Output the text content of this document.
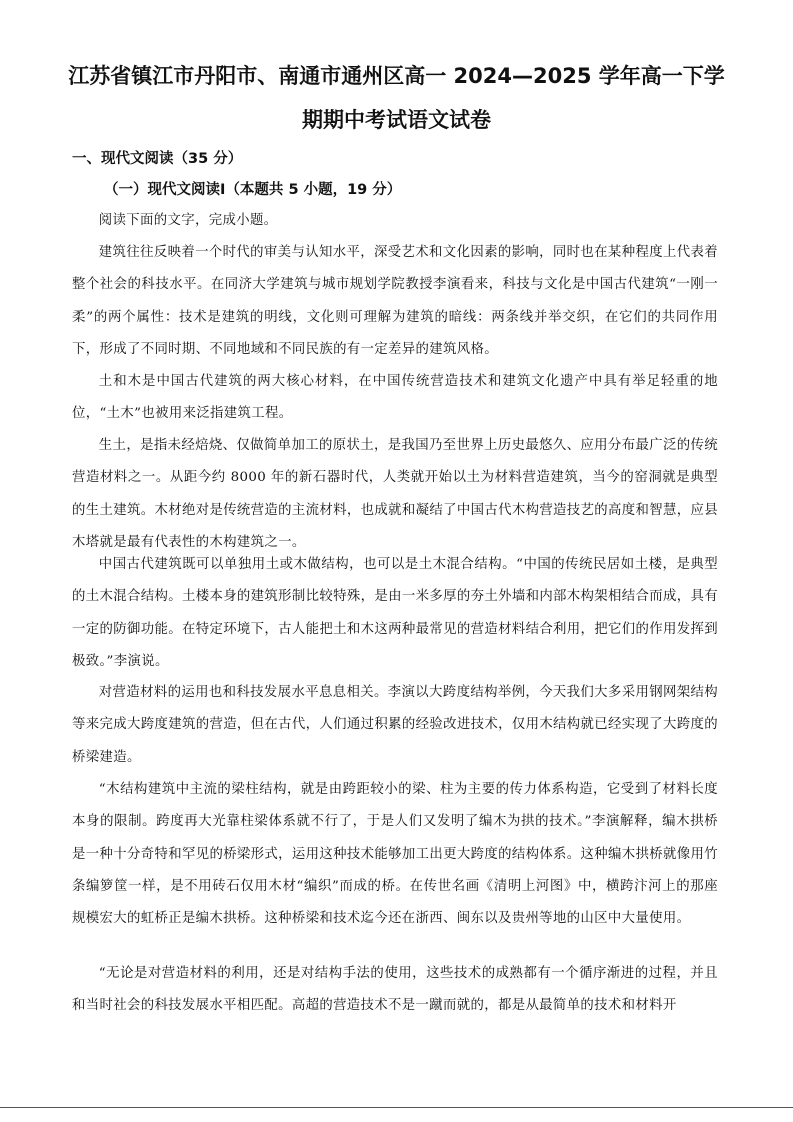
江苏省镇江市丹阳市、南通市通州区高一 2024—2025 学年高一下学
期期中考试语文试卷
一、现代文阅读（35 分）
（一）现代文阅读Ⅰ（本题共 5 小题，19 分）

阅读下面的文字，完成小题。

建筑往往反映着一个时代的审美与认知水平，深受艺术和文化因素的影响，同时也在某种程度上代表着整个社会的科技水平。在同济大学建筑与城市规划学院教授李演看来，科技与文化是中国古代建筑“一刚一柔”的两个属性：技术是建筑的明线，文化则可理解为建筑的暗线：两条线并举交织，在它们的共同作用下，形成了不同时期、不同地域和不同民族的有一定差异的建筑风格。

土和木是中国古代建筑的两大核心材料，在中国传统营造技术和建筑文化遗产中具有举足轻重的地位，“土木”也被用来泛指建筑工程。

生土，是指未经焙烧、仅做简单加工的原状土，是我国乃至世界上历史最悠久、应用分布最广泛的传统营造材料之一。从距今约 8000 年的新石器时代，人类就开始以土为材料营造建筑，当今的窑洞就是典型的生土建筑。木材绝对是传统营造的主流材料，也成就和凝结了中国古代木构营造技艺的高度和智慧，应县木塔就是最有代表性的木构建筑之一。

中国古代建筑既可以单独用土或木做结构，也可以是土木混合结构。“中国的传统民居如土楼，是典型的土木混合结构。土楼本身的建筑形制比较特殊，是由一米多厚的夯土外墙和内部木构架相结合而成，具有一定的防御功能。在特定环境下，古人能把土和木这两种最常见的营造材料结合利用，把它们的作用发挥到极致。”李演说。

对营造材料的运用也和科技发展水平息息相关。李演以大跨度结构举例，今天我们大多采用钢网架结构等来完成大跨度建筑的营造，但在古代，人们通过积累的经验改进技术，仅用木结构就已经实现了大跨度的桥梁建造。

“木结构建筑中主流的梁柱结构，就是由跨距较小的梁、柱为主要的传力体系构造，它受到了材料长度本身的限制。跨度再大光靠柱梁体系就不行了，于是人们又发明了编木为拱的技术。”李演解释，编木拱桥是一种十分奇特和罕见的桥梁形式，运用这种技术能够加工出更大跨度的结构体系。这种编木拱桥就像用竹条编箩筐一样，是不用砖石仅用木材“编织”而成的桥。在传世名画《清明上河图》中，横跨汴河上的那座规模宏大的虹桥正是编木拱桥。这种桥梁和技术迄今还在浙西、闽东以及贵州等地的山区中大量使用。

“无论是对营造材料的利用，还是对结构手法的使用，这些技术的成熟都有一个循序渐进的过程，并且和当时社会的科技发展水平相匹配。高超的营造技术不是一蹴而就的，都是从最简单的技术和材料开
